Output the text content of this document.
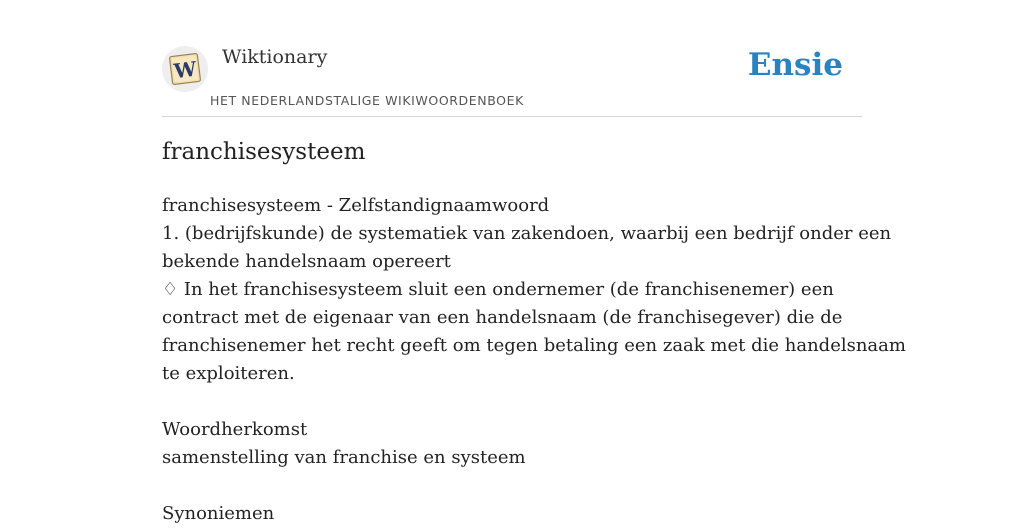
W Wiktionary
HET NEDERLANDSTALIGE WIKIWOORDENBOEK
Ensie
franchisesysteem
franchisesysteem - Zelfstandignaamwoord
1. (bedrijfskunde) de systematiek van zakendoen, waarbij een bedrijf onder een
bekende handelsnaam opereert
♢ In het franchisesysteem sluit een ondernemer (de franchisenemer) een
contract met de eigenaar van een handelsnaam (de franchisegever) die de
franchisenemer het recht geeft om tegen betaling een zaak met die handelsnaam
te exploiteren.
Woordherkomst
samenstelling van franchise en systeem
Synoniemen
